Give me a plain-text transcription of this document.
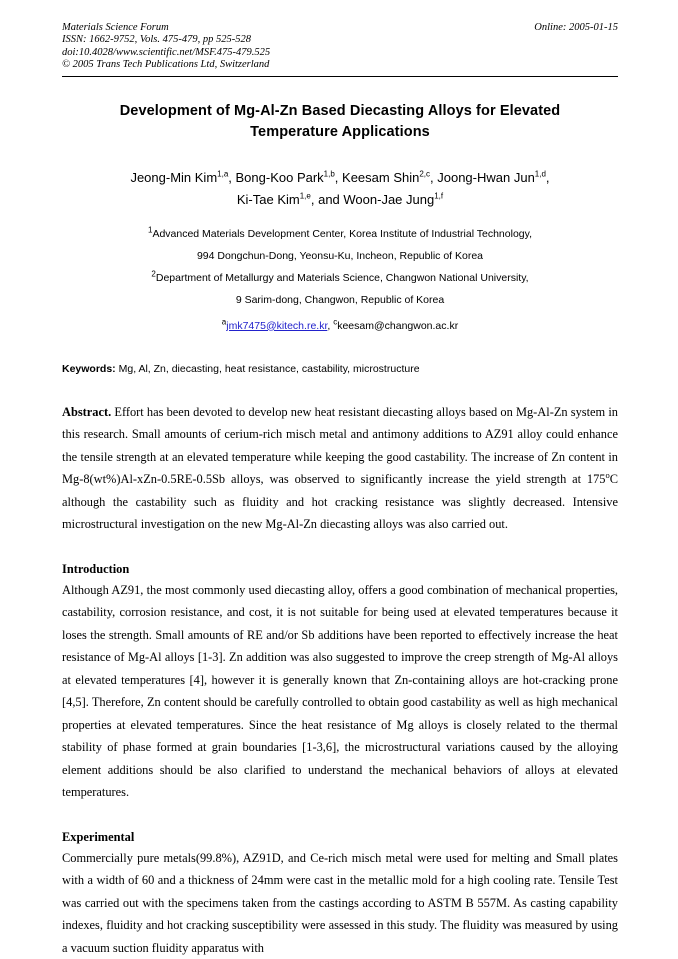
Online: 2005-01-15
Materials Science Forum
ISSN: 1662-9752, Vols. 475-479, pp 525-528
doi:10.4028/www.scientific.net/MSF.475-479.525
© 2005 Trans Tech Publications Ltd, Switzerland
Development of Mg-Al-Zn Based Diecasting Alloys for Elevated
Temperature Applications
Jeong-Min Kim$^{1,a}$, Bong-Koo Park$^{1,b}$, Keesam Shin$^{2,c}$, Joong-Hwan Jun$^{1,d}$,
Ki-Tae Kim$^{1,e}$, and Woon-Jae Jung$^{1,f}$
$^1$Advanced Materials Development Center, Korea Institute of Industrial Technology,
994 Dongchun-Dong, Yeonsu-Ku, Incheon, Republic of Korea
$^2$Department of Metallurgy and Materials Science, Changwon National University,
9 Sarim-dong, Changwon, Republic of Korea
$^a$jmk7475@kitech.re.kr, $^c$keesam@changwon.ac.kr
Keywords: Mg, Al, Zn, diecasting, heat resistance, castability, microstructure
Abstract. Effort has been devoted to develop new heat resistant diecasting alloys based on Mg-Al-Zn system in this research. Small amounts of cerium-rich misch metal and antimony additions to AZ91 alloy could enhance the tensile strength at an elevated temperature while keeping the good castability. The increase of Zn content in Mg-8(wt%)Al-xZn-0.5RE-0.5Sb alloys, was observed to significantly increase the yield strength at 175$^o$C although the castability such as fluidity and hot cracking resistance was slightly decreased. Intensive microstructural investigation on the new Mg-Al-Zn diecasting alloys was also carried out.
Introduction

Although AZ91, the most commonly used diecasting alloy, offers a good combination of mechanical properties, castability, corrosion resistance, and cost, it is not suitable for being used at elevated temperatures because it loses the strength. Small amounts of RE and/or Sb additions have been reported to effectively increase the heat resistance of Mg-Al alloys [1-3]. Zn addition was also suggested to improve the creep strength of Mg-Al alloys at elevated temperatures [4], however it is generally known that Zn-containing alloys are hot-cracking prone [4,5]. Therefore, Zn content should be carefully controlled to obtain good castability as well as high mechanical properties at elevated temperatures. Since the heat resistance of Mg alloys is closely related to the thermal stability of phase formed at grain boundaries [1-3,6], the microstructural variations caused by the alloying element additions should be also clarified to understand the mechanical behaviors of alloys at elevated temperatures.

Experimental

Commercially pure metals(99.8%), AZ91D, and Ce-rich misch metal were used for melting and Small plates with a width of 60 and a thickness of 24mm were cast in the metallic mold for a high cooling rate. Tensile Test was carried out with the specimens taken from the castings according to ASTM B 557M. As casting capability indexes, fluidity and hot cracking susceptibility were assessed in this study. The fluidity was measured by using a vacuum suction fluidity apparatus with
